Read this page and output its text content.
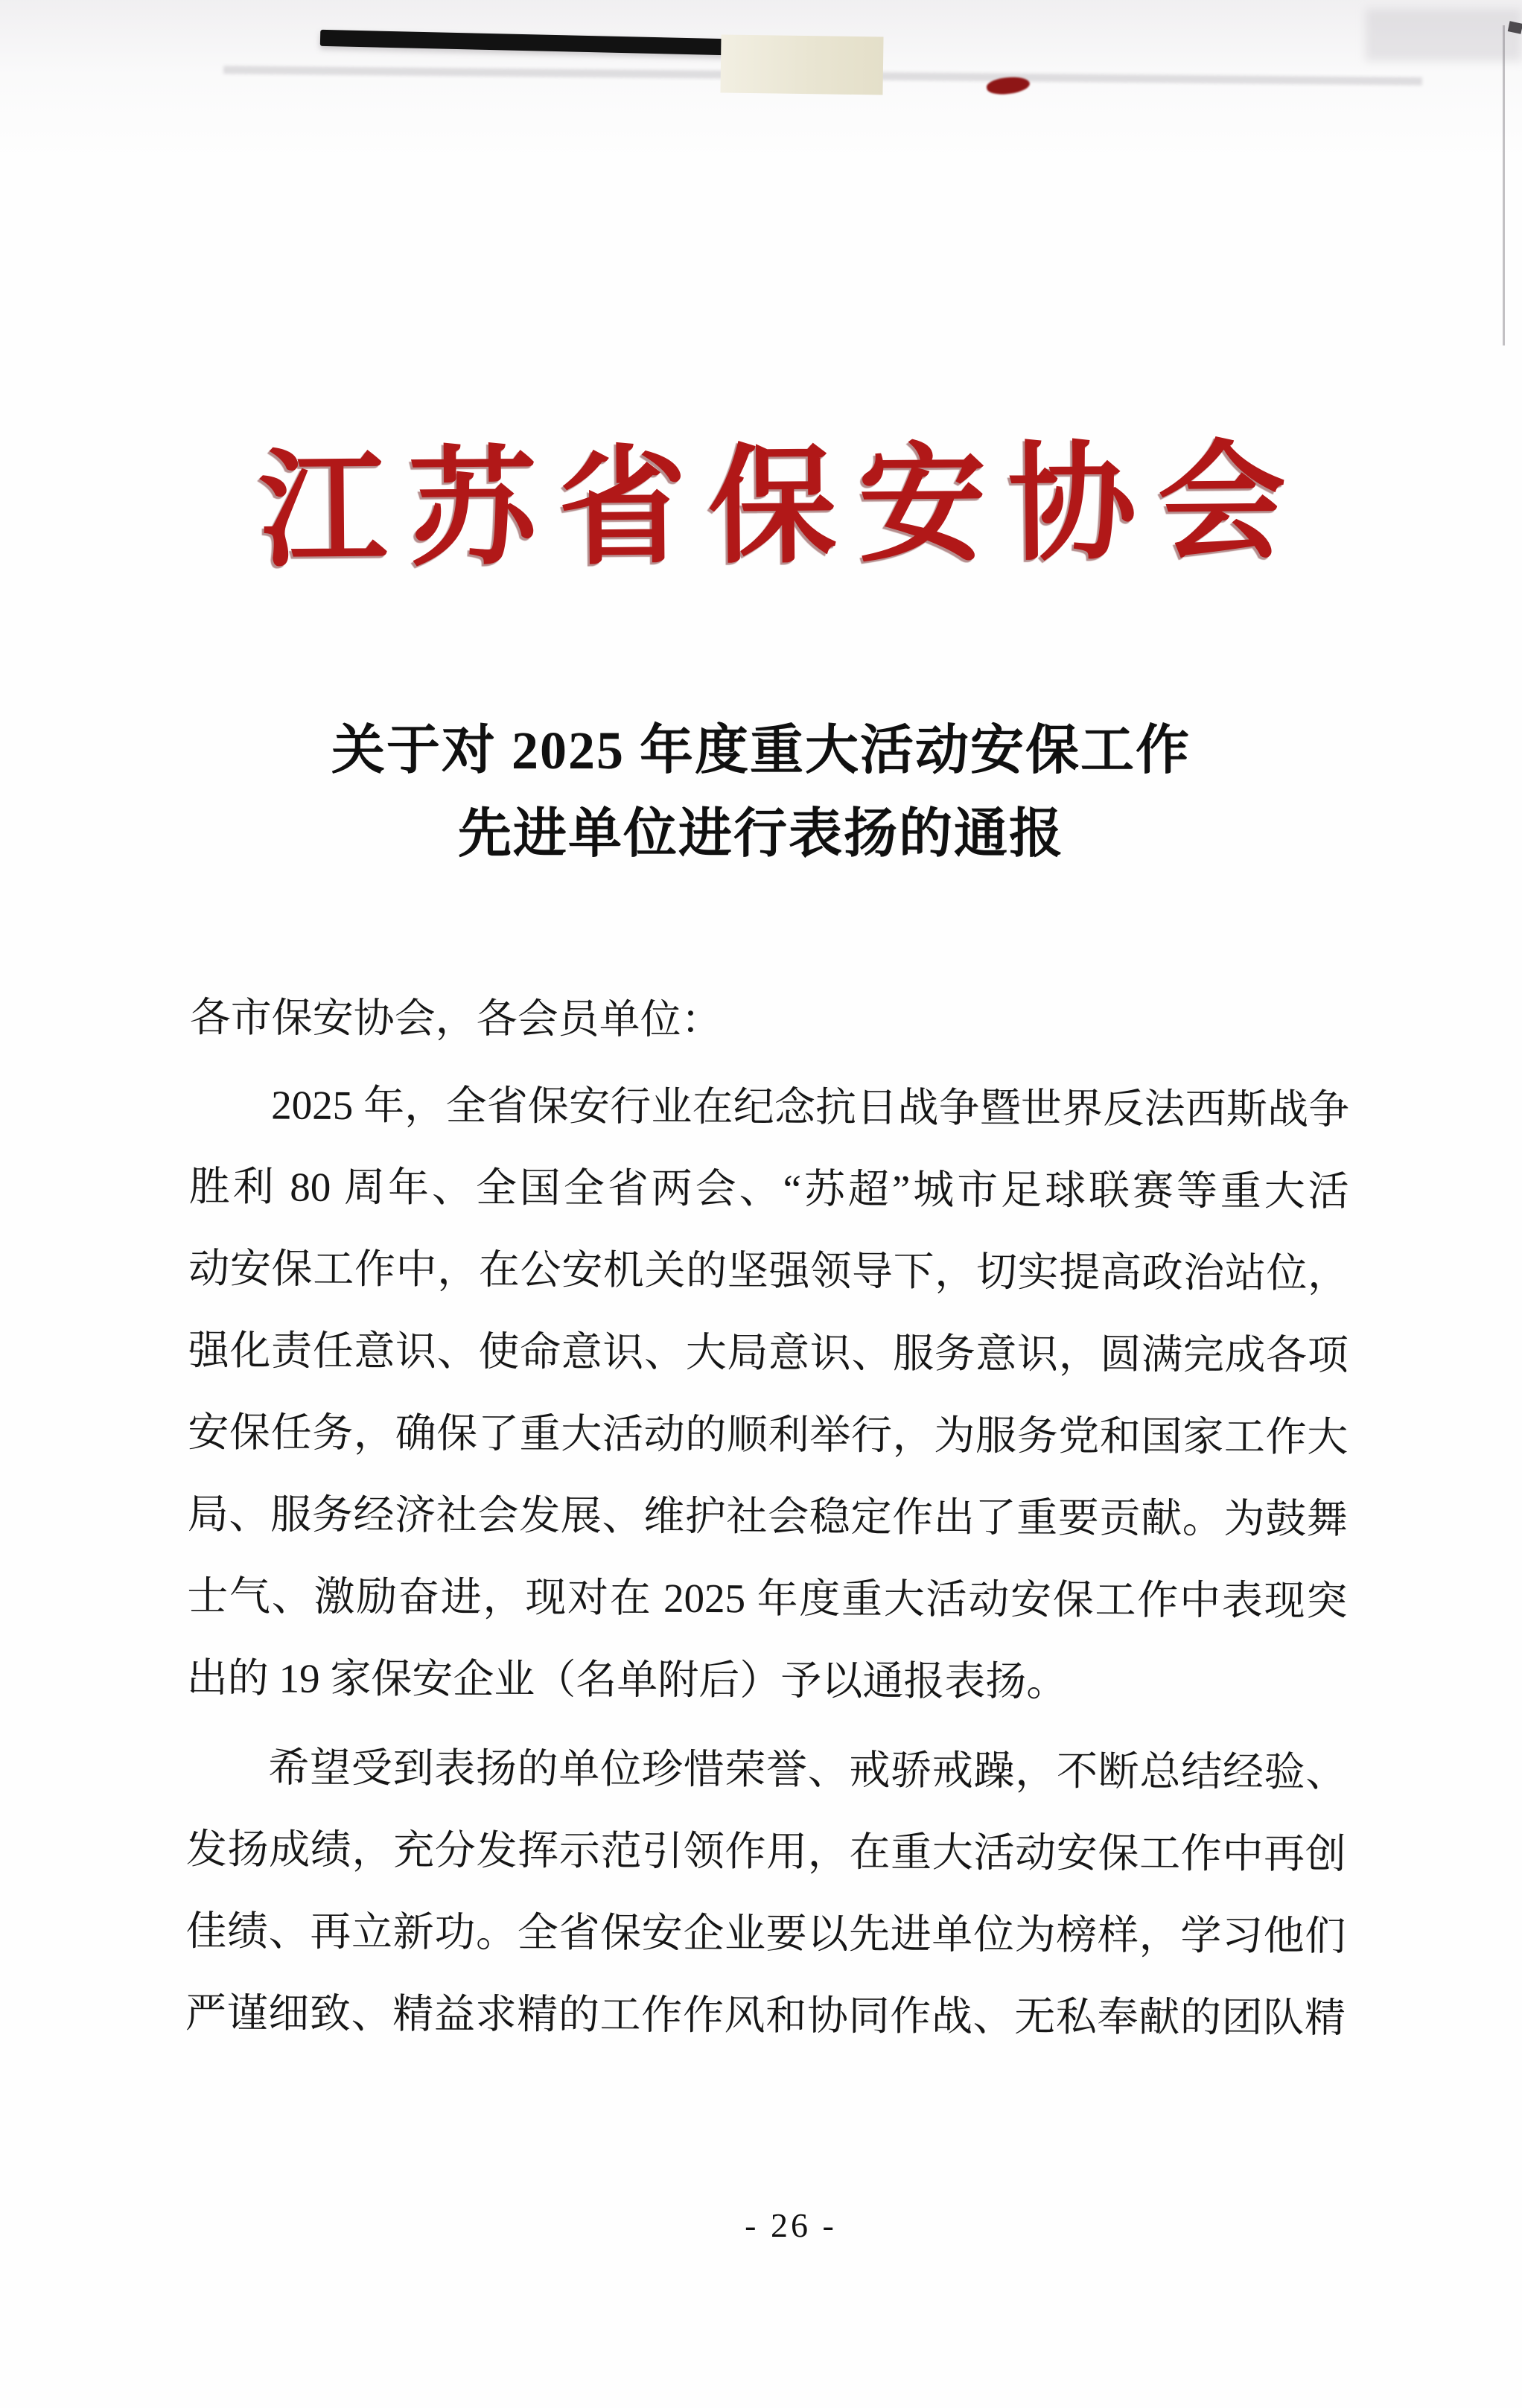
江苏省保安协会
关于对 2025 年度重大活动安保工作
先进单位进行表扬的通报
各市保安协会，各会员单位：
2025 年，全省保安行业在纪念抗日战争暨世界反法西斯战争
胜利 80 周年、全国全省两会、“苏超”城市足球联赛等重大活
动安保工作中，在公安机关的坚强领导下，切实提高政治站位，
强化责任意识、使命意识、大局意识、服务意识，圆满完成各项
安保任务，确保了重大活动的顺利举行，为服务党和国家工作大
局、服务经济社会发展、维护社会稳定作出了重要贡献。为鼓舞
士气、激励奋进，现对在 2025 年度重大活动安保工作中表现突
出的 19 家保安企业（名单附后）予以通报表扬。
希望受到表扬的单位珍惜荣誉、戒骄戒躁，不断总结经验、
发扬成绩，充分发挥示范引领作用，在重大活动安保工作中再创
佳绩、再立新功。全省保安企业要以先进单位为榜样，学习他们
严谨细致、精益求精的工作作风和协同作战、无私奉献的团队精
- 26 -
